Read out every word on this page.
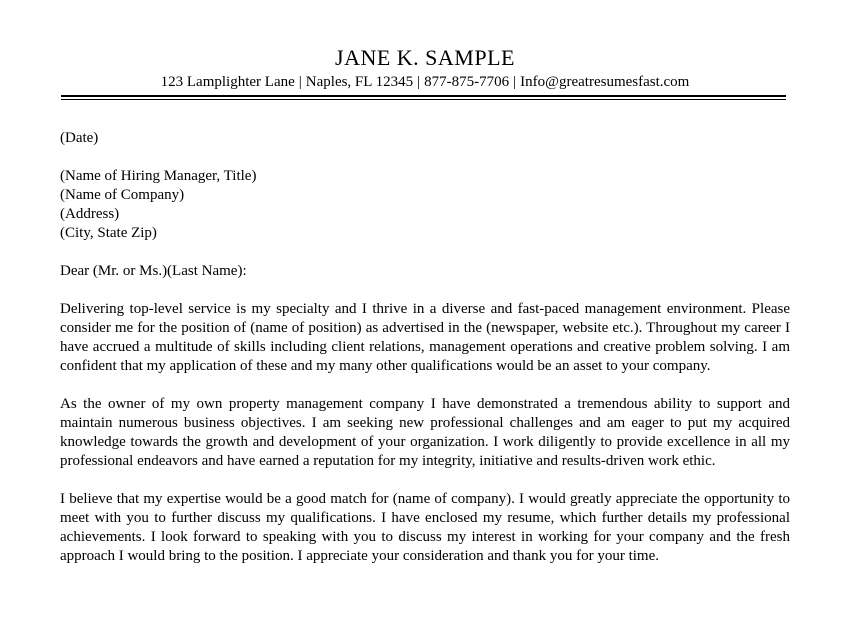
JANE K. SAMPLE
123 Lamplighter Lane | Naples, FL 12345 | 877-875-7706 | Info@greatresumesfast.com
(Date)
(Name of Hiring Manager, Title)
(Name of Company)
(Address)
(City, State Zip)
Dear (Mr. or Ms.)(Last Name):
Delivering top-level service is my specialty and I thrive in a diverse and fast-paced management environment. Please consider me for the position of (name of position) as advertised in the (newspaper, website etc.). Throughout my career I have accrued a multitude of skills including client relations, management operations and creative problem solving. I am confident that my application of these and my many other qualifications would be an asset to your company.
As the owner of my own property management company I have demonstrated a tremendous ability to support and maintain numerous business objectives. I am seeking new professional challenges and am eager to put my acquired knowledge towards the growth and development of your organization. I work diligently to provide excellence in all my professional endeavors and have earned a reputation for my integrity, initiative and results-driven work ethic.
I believe that my expertise would be a good match for (name of company). I would greatly appreciate the opportunity to meet with you to further discuss my qualifications. I have enclosed my resume, which further details my professional achievements. I look forward to speaking with you to discuss my interest in working for your company and the fresh approach I would bring to the position. I appreciate your consideration and thank you for your time.
